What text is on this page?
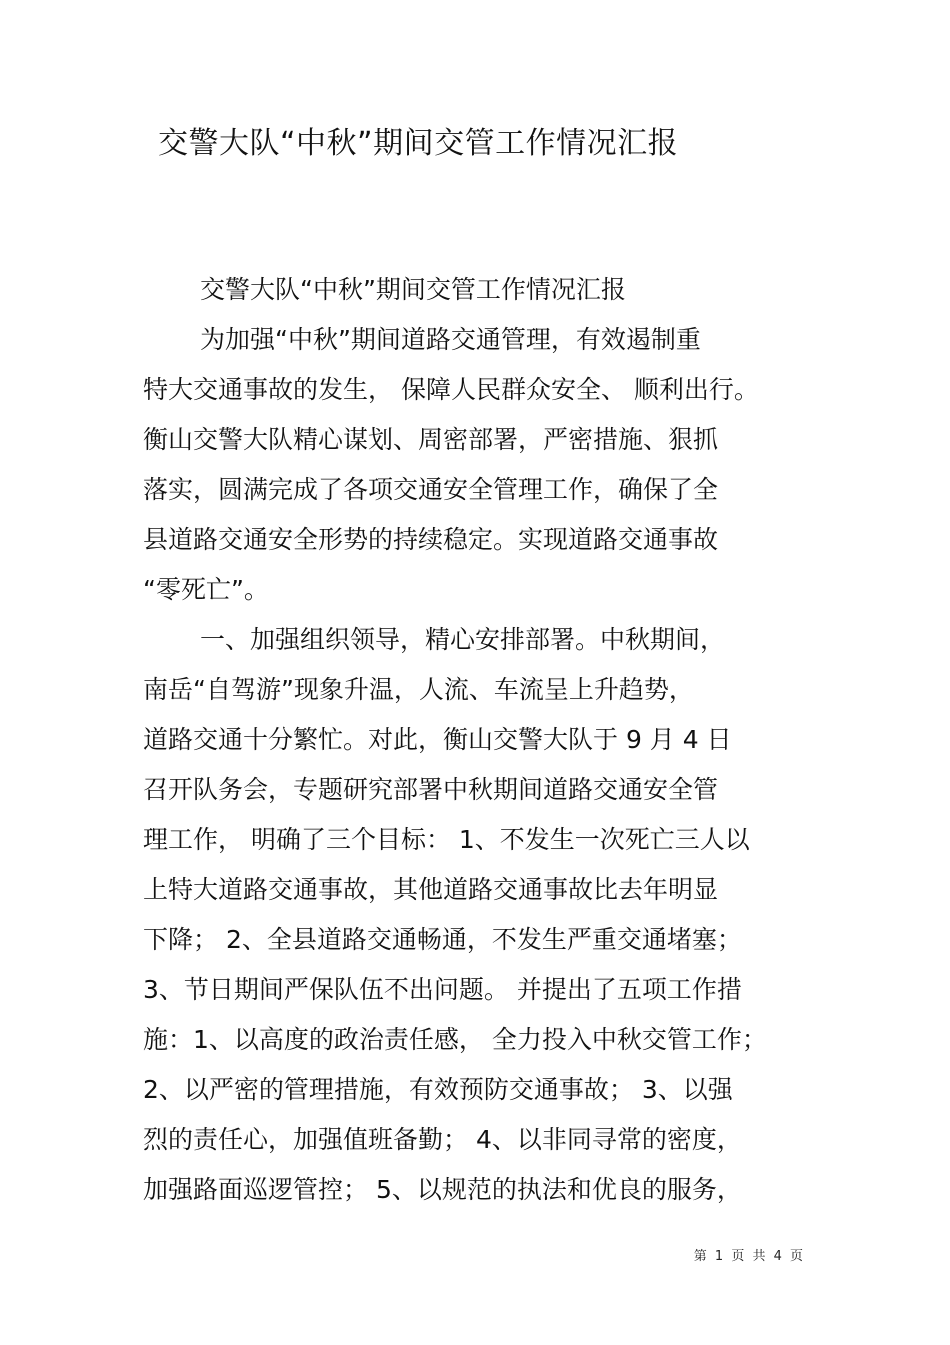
交警大队“中秋”期间交管工作情况汇报

交警大队“中秋”期间交管工作情况汇报

为加强“中秋”期间道路交通管理，有效遏制重

特大交通事故的发生， 保障人民群众安全、 顺利出行。

衡山交警大队精心谋划、周密部署，严密措施、狠抓

落实，圆满完成了各项交通安全管理工作，确保了全

县道路交通安全形势的持续稳定。实现道路交通事故

“零死亡”。

一、加强组织领导，精心安排部署。中秋期间，

南岳“自驾游”现象升温，人流、车流呈上升趋势，

道路交通十分繁忙。对此，衡山交警大队于 9 月 4 日

召开队务会，专题研究部署中秋期间道路交通安全管

理工作， 明确了三个目标： 1、不发生一次死亡三人以

上特大道路交通事故，其他道路交通事故比去年明显

下降； 2、全县道路交通畅通，不发生严重交通堵塞；

3、节日期间严保队伍不出问题。 并提出了五项工作措

施：1、以高度的政治责任感， 全力投入中秋交管工作；

2、以严密的管理措施，有效预防交通事故； 3、以强

烈的责任心，加强值班备勤； 4、以非同寻常的密度，

加强路面巡逻管控； 5、以规范的执法和优良的服务，

第 1 页 共 4 页
